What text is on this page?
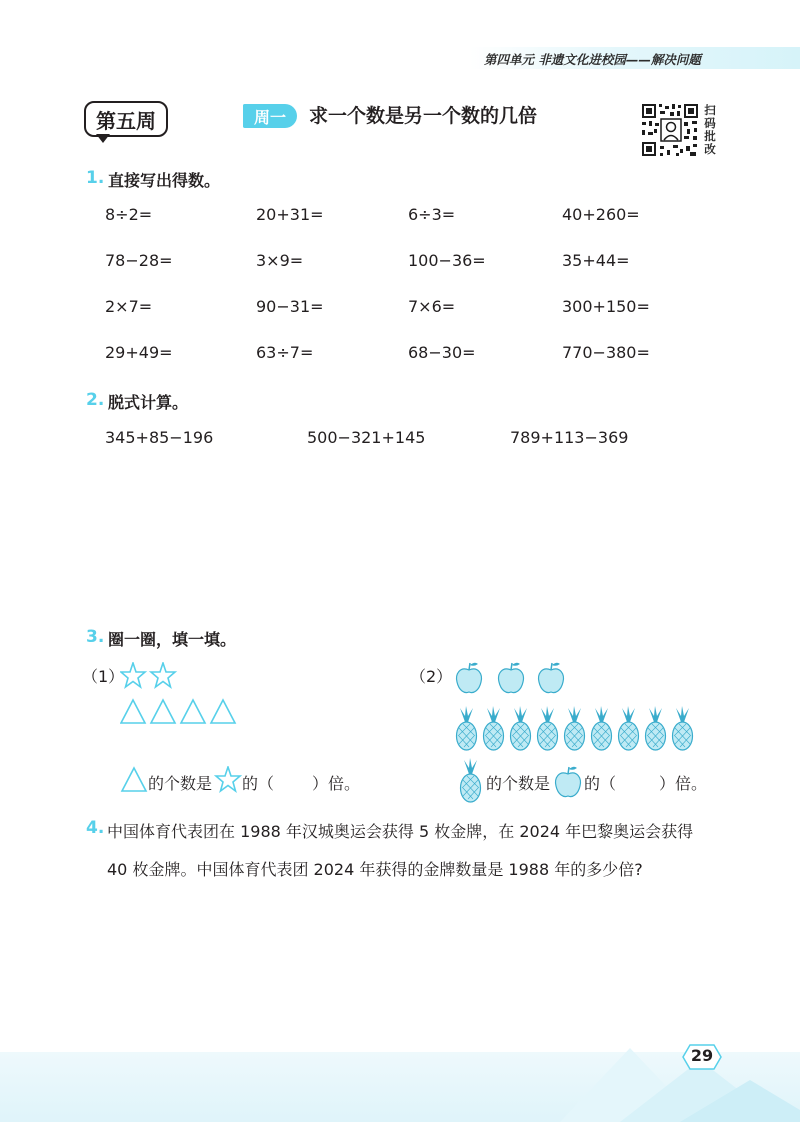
第四单元 非遗文化进校园——解决问题
第五周	周一	求一个数是另一个数的几倍	扫
码
批
改
1. 直接写出得数。
8÷2=	20+31=	6÷3=	40+260=
78−28=	3×9=	100−36=	35+44=
2×7=	90−31=	7×6=	300+150=
29+49=	63÷7=	68−30=	770−380=
2. 脱式计算。
345+85−196	500−321+145	789+113−369
3. 圈一圈，填一填。
（1）
的个数是 的（ ）倍。
（2）
的个数是 的（	）倍。
4. 中国体育代表团在 1988 年汉城奥运会获得 5 枚金牌，在 2024 年巴黎奥运会获得
40 枚金牌。中国体育代表团 2024 年获得的金牌数量是 1988 年的多少倍?
29
